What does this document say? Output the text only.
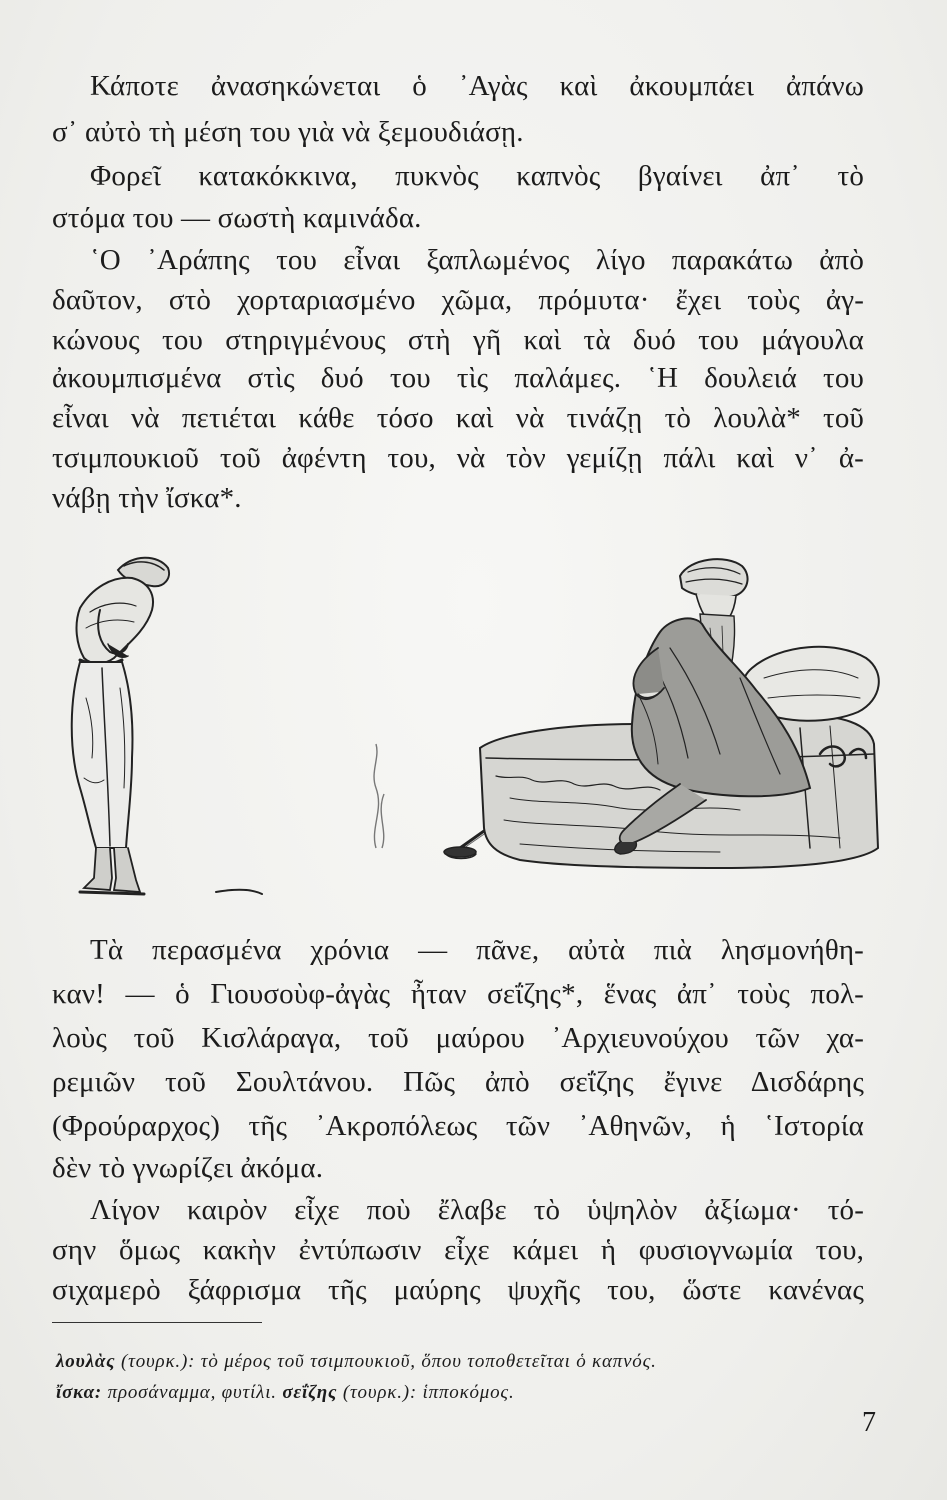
Κάποτε ἀνασηκώνεται ὁ ᾿Αγὰς καὶ ἀκουμπάει ἀπάνω
σ᾿ αὐτὸ τὴ μέση του γιὰ νὰ ξεμουδιάσῃ.
Φορεῖ κατακόκκινα, πυκνὸς καπνὸς βγαίνει ἀπ᾿ τὸ
στόμα του — σωστὴ καμινάδα.
῾Ο ᾿Αράπης του εἶναι ξαπλωμένος λίγο παρακάτω ἀπὸ
δαῦτον, στὸ χορταριασμένο χῶμα, πρόμυτα· ἔχει τοὺς ἀγ-
κώνους του στηριγμένους στὴ γῆ καὶ τὰ δυό του μάγουλα
ἀκουμπισμένα στὶς δυό του τὶς παλάμες. ῾Η δουλειά του
εἶναι νὰ πετιέται κάθε τόσο καὶ νὰ τινάζῃ τὸ λουλὰ* τοῦ
τσιμπουκιοῦ τοῦ ἀφέντη του, νὰ τὸν γεμίζῃ πάλι καὶ ν᾿ ἀ-
νάβῃ τὴν ἴσκα*.
Τὰ περασμένα χρόνια — πᾶνε, αὐτὰ πιὰ λησμονήθη-
καν! — ὁ Γιουσοὺφ-ἀγὰς ἦταν σεΐζης*, ἕνας ἀπ᾿ τοὺς πολ-
λοὺς τοῦ Κισλάραγα, τοῦ μαύρου ᾿Αρχιευνούχου τῶν χα-
ρεμιῶν τοῦ Σουλτάνου. Πῶς ἀπὸ σεΐζης ἔγινε Δισδάρης
(Φρούραρχος) τῆς ᾿Ακροπόλεως τῶν ᾿Αθηνῶν, ἡ ῾Ιστορία
δὲν τὸ γνωρίζει ἀκόμα.
Λίγον καιρὸν εἶχε ποὺ ἔλαβε τὸ ὑψηλὸν ἀξίωμα· τό-
σην ὅμως κακὴν ἐντύπωσιν εἶχε κάμει ἡ φυσιογνωμία του,
σιχαμερὸ ξάφρισμα τῆς μαύρης ψυχῆς του, ὥστε κανένας
λουλὰς (τουρκ.): τὸ μέρος τοῦ τσιμπουκιοῦ, ὅπου τοποθετεῖται ὁ καπνός.
ἴσκα: προσάναμμα, φυτίλι. σεΐζης (τουρκ.): ἱπποκόμος.
7
